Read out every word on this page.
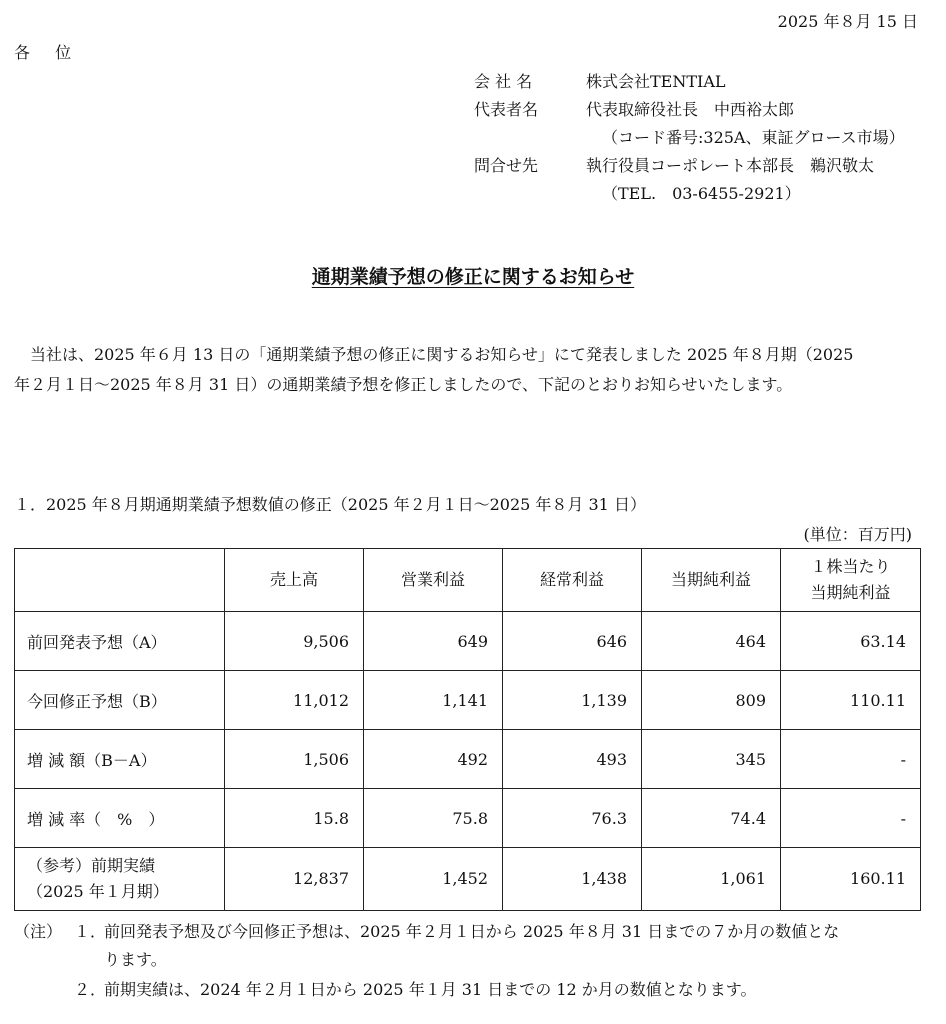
2025 年８月 15 日
各 位
会 社 名	株式会社TENTIAL
代表者名	代表取締役社長　中西裕太郎
（コード番号:325A、東証グロース市場）
問合せ先	執行役員コーポレート本部長　鵜沢敬太
（TEL.　03-6455-2921）
通期業績予想の修正に関するお知らせ

当社は、2025 年６月 13 日の「通期業績予想の修正に関するお知らせ」にて発表しました 2025 年８月期（2025

年２月１日～2025 年８月 31 日）の通期業績予想を修正しましたので、下記のとおりお知らせいたします。
１．2025 年８月期通期業績予想数値の修正（2025 年２月１日～2025 年８月 31 日）
(単位：百万円)
	売上高	営業利益	経常利益	当期純利益	１株当たり
当期純利益

前回発表予想（A）	9,506	649	646	464	63.14
今回修正予想（B）	11,012	1,141	1,139	809	110.11
増 減 額（B－A）	1,506	492	493	345	-
増 減 率（　%　）	15.8	75.8	76.3	74.4	-

（参考）前期実績
（2025 年１月期）	12,837	1,452	1,438	1,061	160.11
（注） １．
前回発表予想及び今回修正予想は、2025 年２月１日から 2025 年８月 31 日までの７か月の数値とな
ります。
２．
前期実績は、2024 年２月１日から 2025 年１月 31 日までの 12 か月の数値となります。
